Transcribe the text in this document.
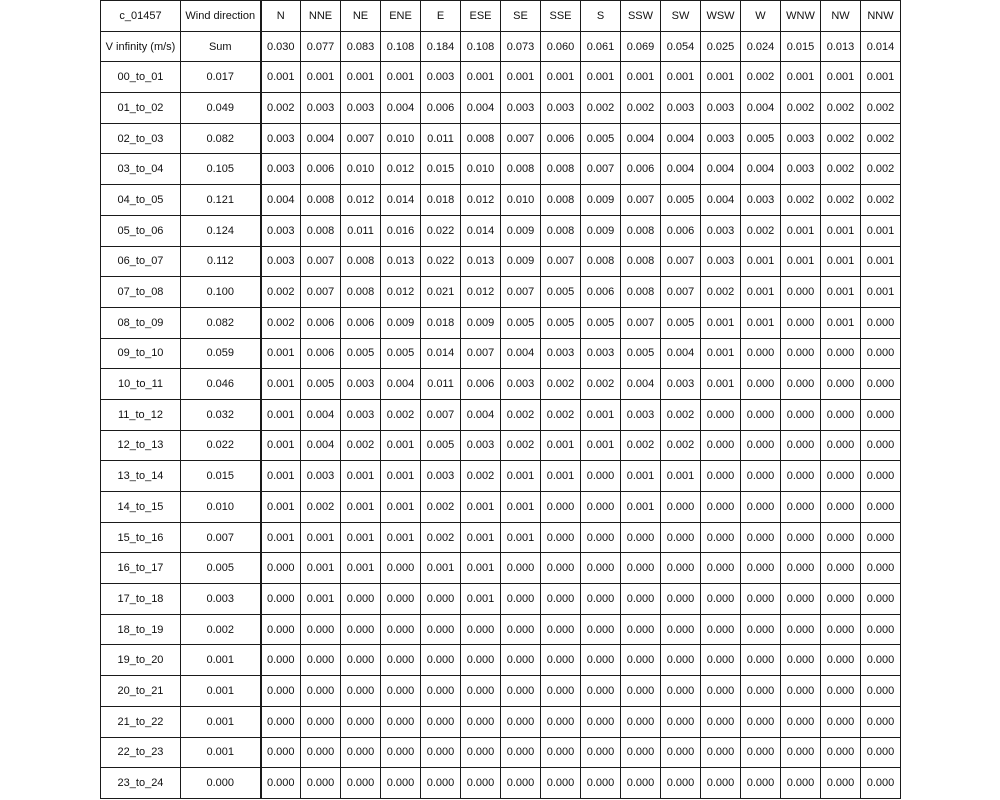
c_01457	Wind direction	N	NNE	NE	ENE	E	ESE	SE	SSE	S	SSW	SW	WSW	W	WNW	NW	NNW
V infinity (m/s)	Sum	0.030	0.077	0.083	0.108	0.184	0.108	0.073	0.060	0.061	0.069	0.054	0.025	0.024	0.015	0.013	0.014
00_to_01	0.017	0.001	0.001	0.001	0.001	0.003	0.001	0.001	0.001	0.001	0.001	0.001	0.001	0.002	0.001	0.001	0.001
01_to_02	0.049	0.002	0.003	0.003	0.004	0.006	0.004	0.003	0.003	0.002	0.002	0.003	0.003	0.004	0.002	0.002	0.002
02_to_03	0.082	0.003	0.004	0.007	0.010	0.011	0.008	0.007	0.006	0.005	0.004	0.004	0.003	0.005	0.003	0.002	0.002
03_to_04	0.105	0.003	0.006	0.010	0.012	0.015	0.010	0.008	0.008	0.007	0.006	0.004	0.004	0.004	0.003	0.002	0.002
04_to_05	0.121	0.004	0.008	0.012	0.014	0.018	0.012	0.010	0.008	0.009	0.007	0.005	0.004	0.003	0.002	0.002	0.002
05_to_06	0.124	0.003	0.008	0.011	0.016	0.022	0.014	0.009	0.008	0.009	0.008	0.006	0.003	0.002	0.001	0.001	0.001
06_to_07	0.112	0.003	0.007	0.008	0.013	0.022	0.013	0.009	0.007	0.008	0.008	0.007	0.003	0.001	0.001	0.001	0.001
07_to_08	0.100	0.002	0.007	0.008	0.012	0.021	0.012	0.007	0.005	0.006	0.008	0.007	0.002	0.001	0.000	0.001	0.001
08_to_09	0.082	0.002	0.006	0.006	0.009	0.018	0.009	0.005	0.005	0.005	0.007	0.005	0.001	0.001	0.000	0.001	0.000
09_to_10	0.059	0.001	0.006	0.005	0.005	0.014	0.007	0.004	0.003	0.003	0.005	0.004	0.001	0.000	0.000	0.000	0.000
10_to_11	0.046	0.001	0.005	0.003	0.004	0.011	0.006	0.003	0.002	0.002	0.004	0.003	0.001	0.000	0.000	0.000	0.000
11_to_12	0.032	0.001	0.004	0.003	0.002	0.007	0.004	0.002	0.002	0.001	0.003	0.002	0.000	0.000	0.000	0.000	0.000
12_to_13	0.022	0.001	0.004	0.002	0.001	0.005	0.003	0.002	0.001	0.001	0.002	0.002	0.000	0.000	0.000	0.000	0.000
13_to_14	0.015	0.001	0.003	0.001	0.001	0.003	0.002	0.001	0.001	0.000	0.001	0.001	0.000	0.000	0.000	0.000	0.000
14_to_15	0.010	0.001	0.002	0.001	0.001	0.002	0.001	0.001	0.000	0.000	0.001	0.000	0.000	0.000	0.000	0.000	0.000
15_to_16	0.007	0.001	0.001	0.001	0.001	0.002	0.001	0.001	0.000	0.000	0.000	0.000	0.000	0.000	0.000	0.000	0.000
16_to_17	0.005	0.000	0.001	0.001	0.000	0.001	0.001	0.000	0.000	0.000	0.000	0.000	0.000	0.000	0.000	0.000	0.000
17_to_18	0.003	0.000	0.001	0.000	0.000	0.000	0.001	0.000	0.000	0.000	0.000	0.000	0.000	0.000	0.000	0.000	0.000
18_to_19	0.002	0.000	0.000	0.000	0.000	0.000	0.000	0.000	0.000	0.000	0.000	0.000	0.000	0.000	0.000	0.000	0.000
19_to_20	0.001	0.000	0.000	0.000	0.000	0.000	0.000	0.000	0.000	0.000	0.000	0.000	0.000	0.000	0.000	0.000	0.000
20_to_21	0.001	0.000	0.000	0.000	0.000	0.000	0.000	0.000	0.000	0.000	0.000	0.000	0.000	0.000	0.000	0.000	0.000
21_to_22	0.001	0.000	0.000	0.000	0.000	0.000	0.000	0.000	0.000	0.000	0.000	0.000	0.000	0.000	0.000	0.000	0.000
22_to_23	0.001	0.000	0.000	0.000	0.000	0.000	0.000	0.000	0.000	0.000	0.000	0.000	0.000	0.000	0.000	0.000	0.000
23_to_24	0.000	0.000	0.000	0.000	0.000	0.000	0.000	0.000	0.000	0.000	0.000	0.000	0.000	0.000	0.000	0.000	0.000
